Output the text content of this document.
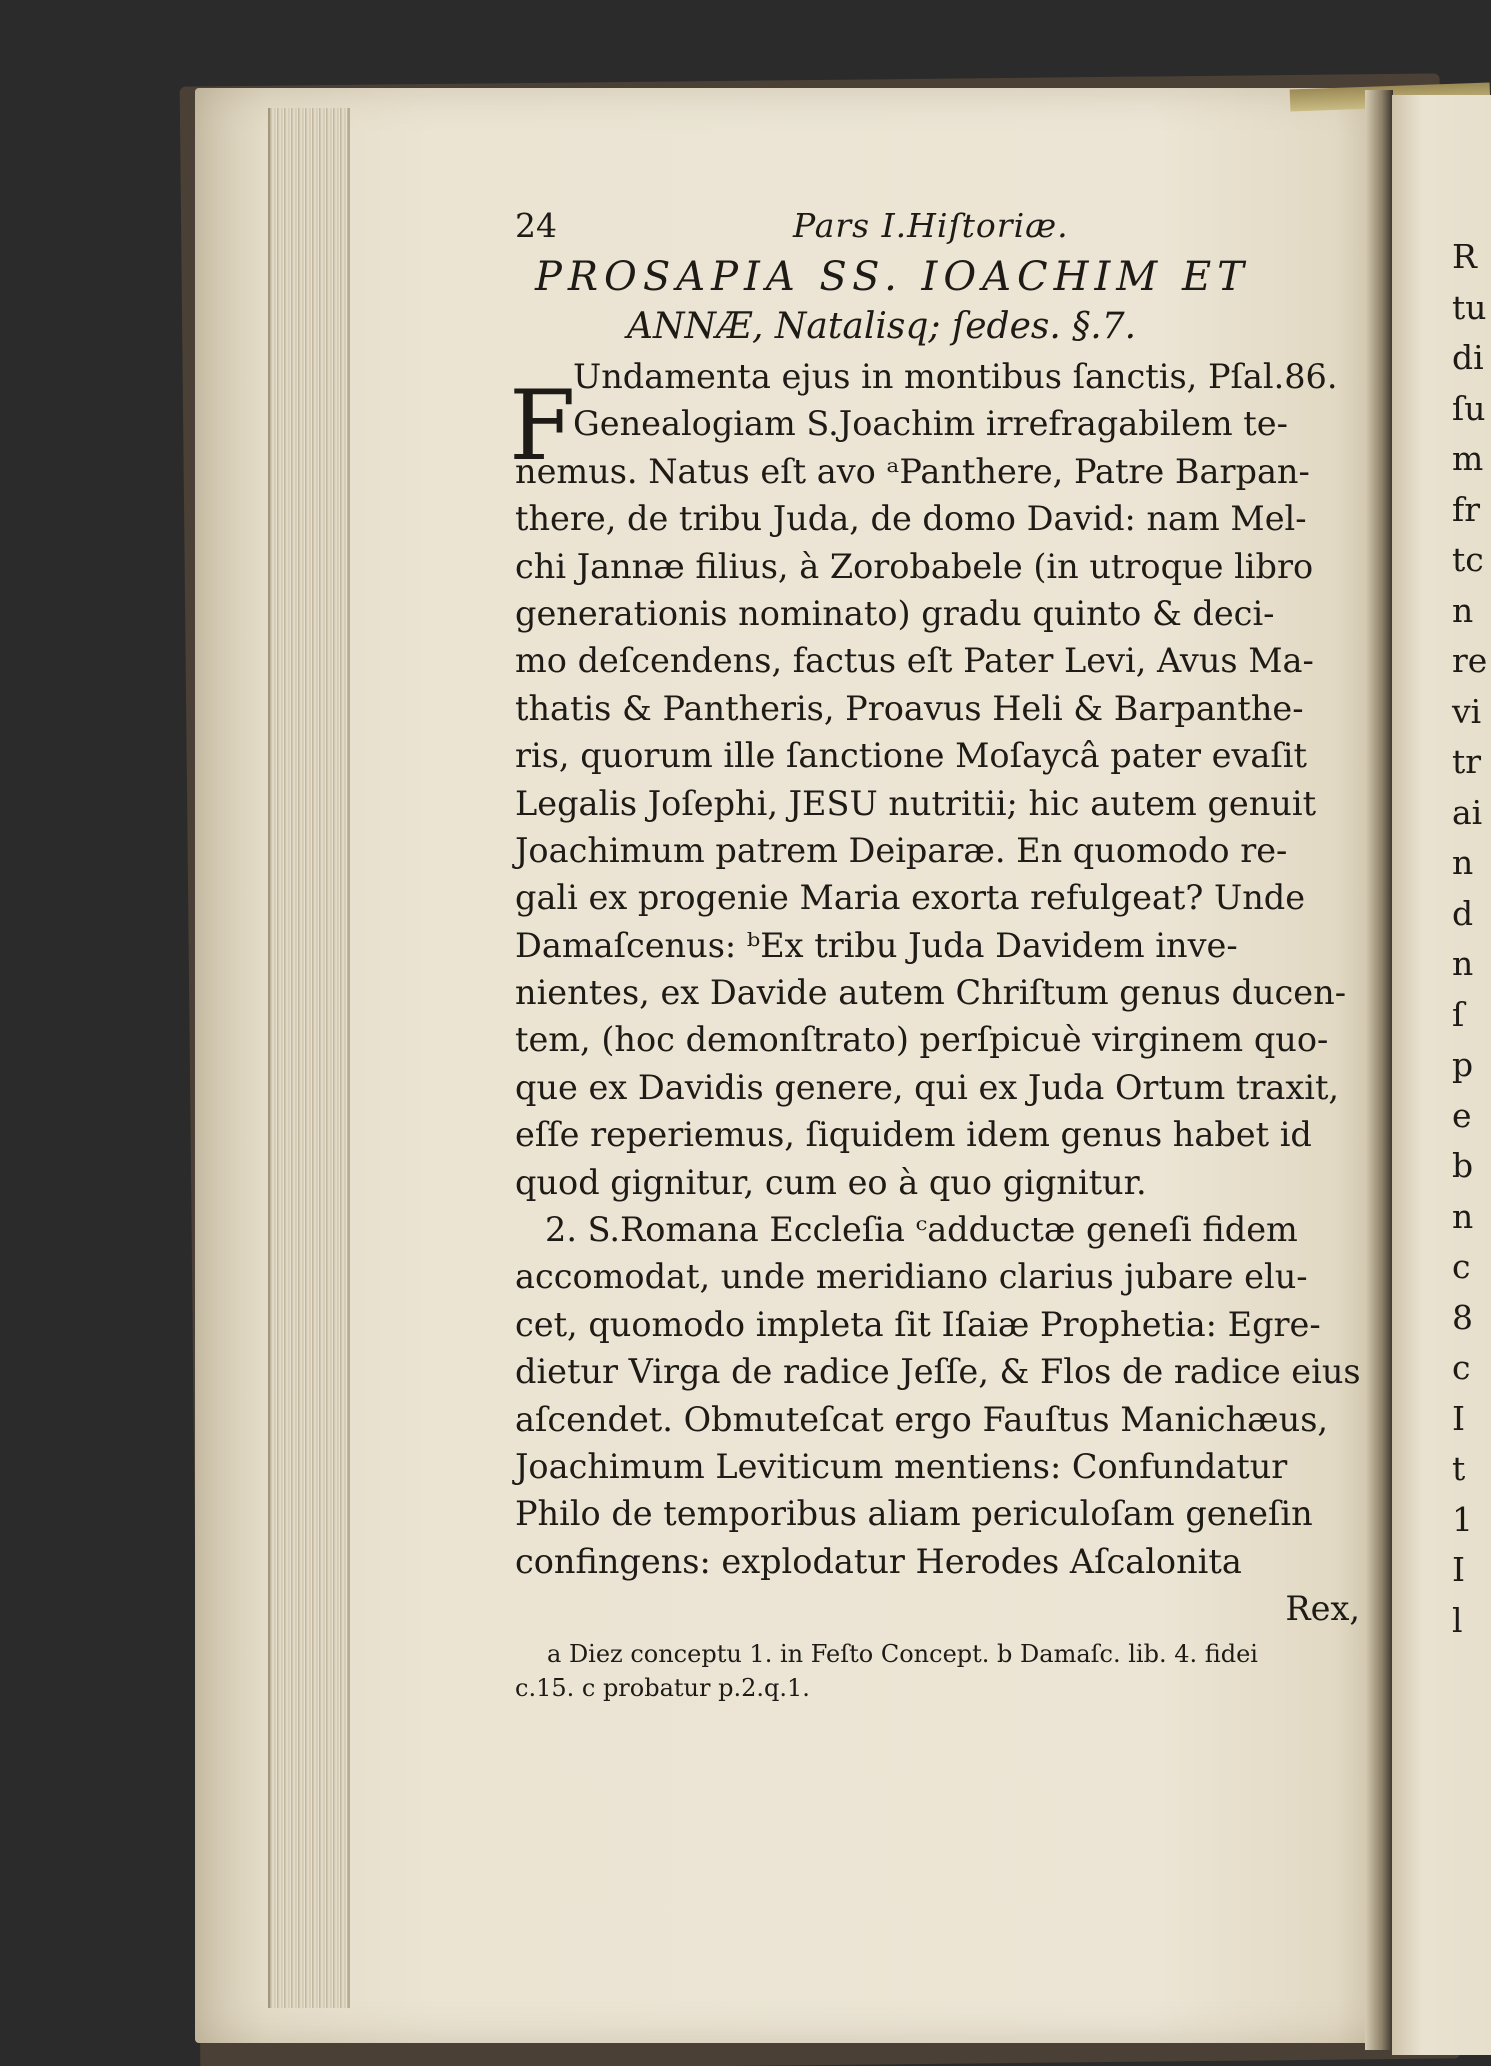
24	Pars I.Hiſtoriæ.
PROSAPIA SS. IOACHIM ET
ANNÆ, Natalisq; ſedes. §.7.
F
Undamenta ejus in montibus ſanctis, Pſal.86.
Genealogiam S.Joachim irrefragabilem te-
nemus. Natus eſt avo ᵃPanthere, Patre Barpan-
there, de tribu Juda, de domo David: nam Mel-
chi Jannæ filius, à Zorobabele (in utroque libro
generationis nominato) gradu quinto & deci-
mo deſcendens, factus eſt Pater Levi, Avus Ma-
thatis & Pantheris, Proavus Heli & Barpanthe-
ris, quorum ille ſanctione Moſaycâ pater evaſit
Legalis Joſephi, JESU nutritii; hic autem genuit
Joachimum patrem Deiparæ. En quomodo re-
gali ex progenie Maria exorta refulgeat? Unde
Damaſcenus: ᵇEx tribu Juda Davidem inve-
nientes, ex Davide autem Chriſtum genus ducen-
tem, (hoc demonſtrato) perſpicuè virginem quo-
que ex Davidis genere, qui ex Juda Ortum traxit,
eſſe reperiemus, ſiquidem idem genus habet id
quod gignitur, cum eo à quo gignitur.
2. S.Romana Eccleſia ᶜadductæ geneſi fidem
accomodat, unde meridiano clarius jubare elu-
cet, quomodo impleta ſit Iſaiæ Prophetia: Egre-
dietur Virga de radice Jeſſe, & Flos de radice eius
aſcendet. Obmuteſcat ergo Fauſtus Manichæus,
Joachimum Leviticum mentiens: Confundatur
Philo de temporibus aliam periculoſam geneſin
confingens: explodatur Herodes Aſcalonita
Rex,
a Diez conceptu 1. in Feſto Concept. b Damaſc. lib. 4. fidei
c.15. c probatur p.2.q.1.
R
tu
di
ſu
m
fr
tc
n
re
vi
tr
ai
n
d
n
ſ
p
e
b
n
c
8
c
I
t
1
I
l
